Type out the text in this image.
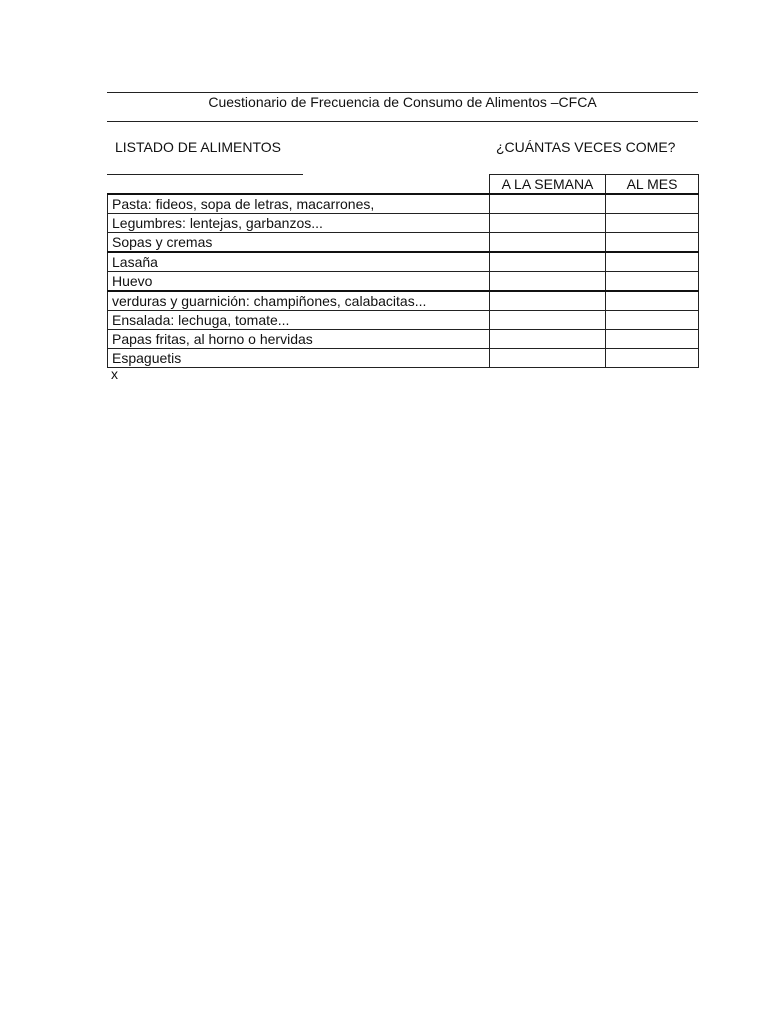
Cuestionario de Frecuencia de Consumo de Alimentos –CFCA
LISTADO DE ALIMENTOS	¿CUÁNTAS VECES COME?
	A LA SEMANA	AL MES
Pasta: fideos, sopa de letras, macarrones,		
Legumbres: lentejas, garbanzos...		
Sopas y cremas		
Lasaña		
Huevo		
verduras y guarnición: champiñones, calabacitas...		
Ensalada: lechuga, tomate...		
Papas fritas, al horno o hervidas		
Espaguetis		
x
